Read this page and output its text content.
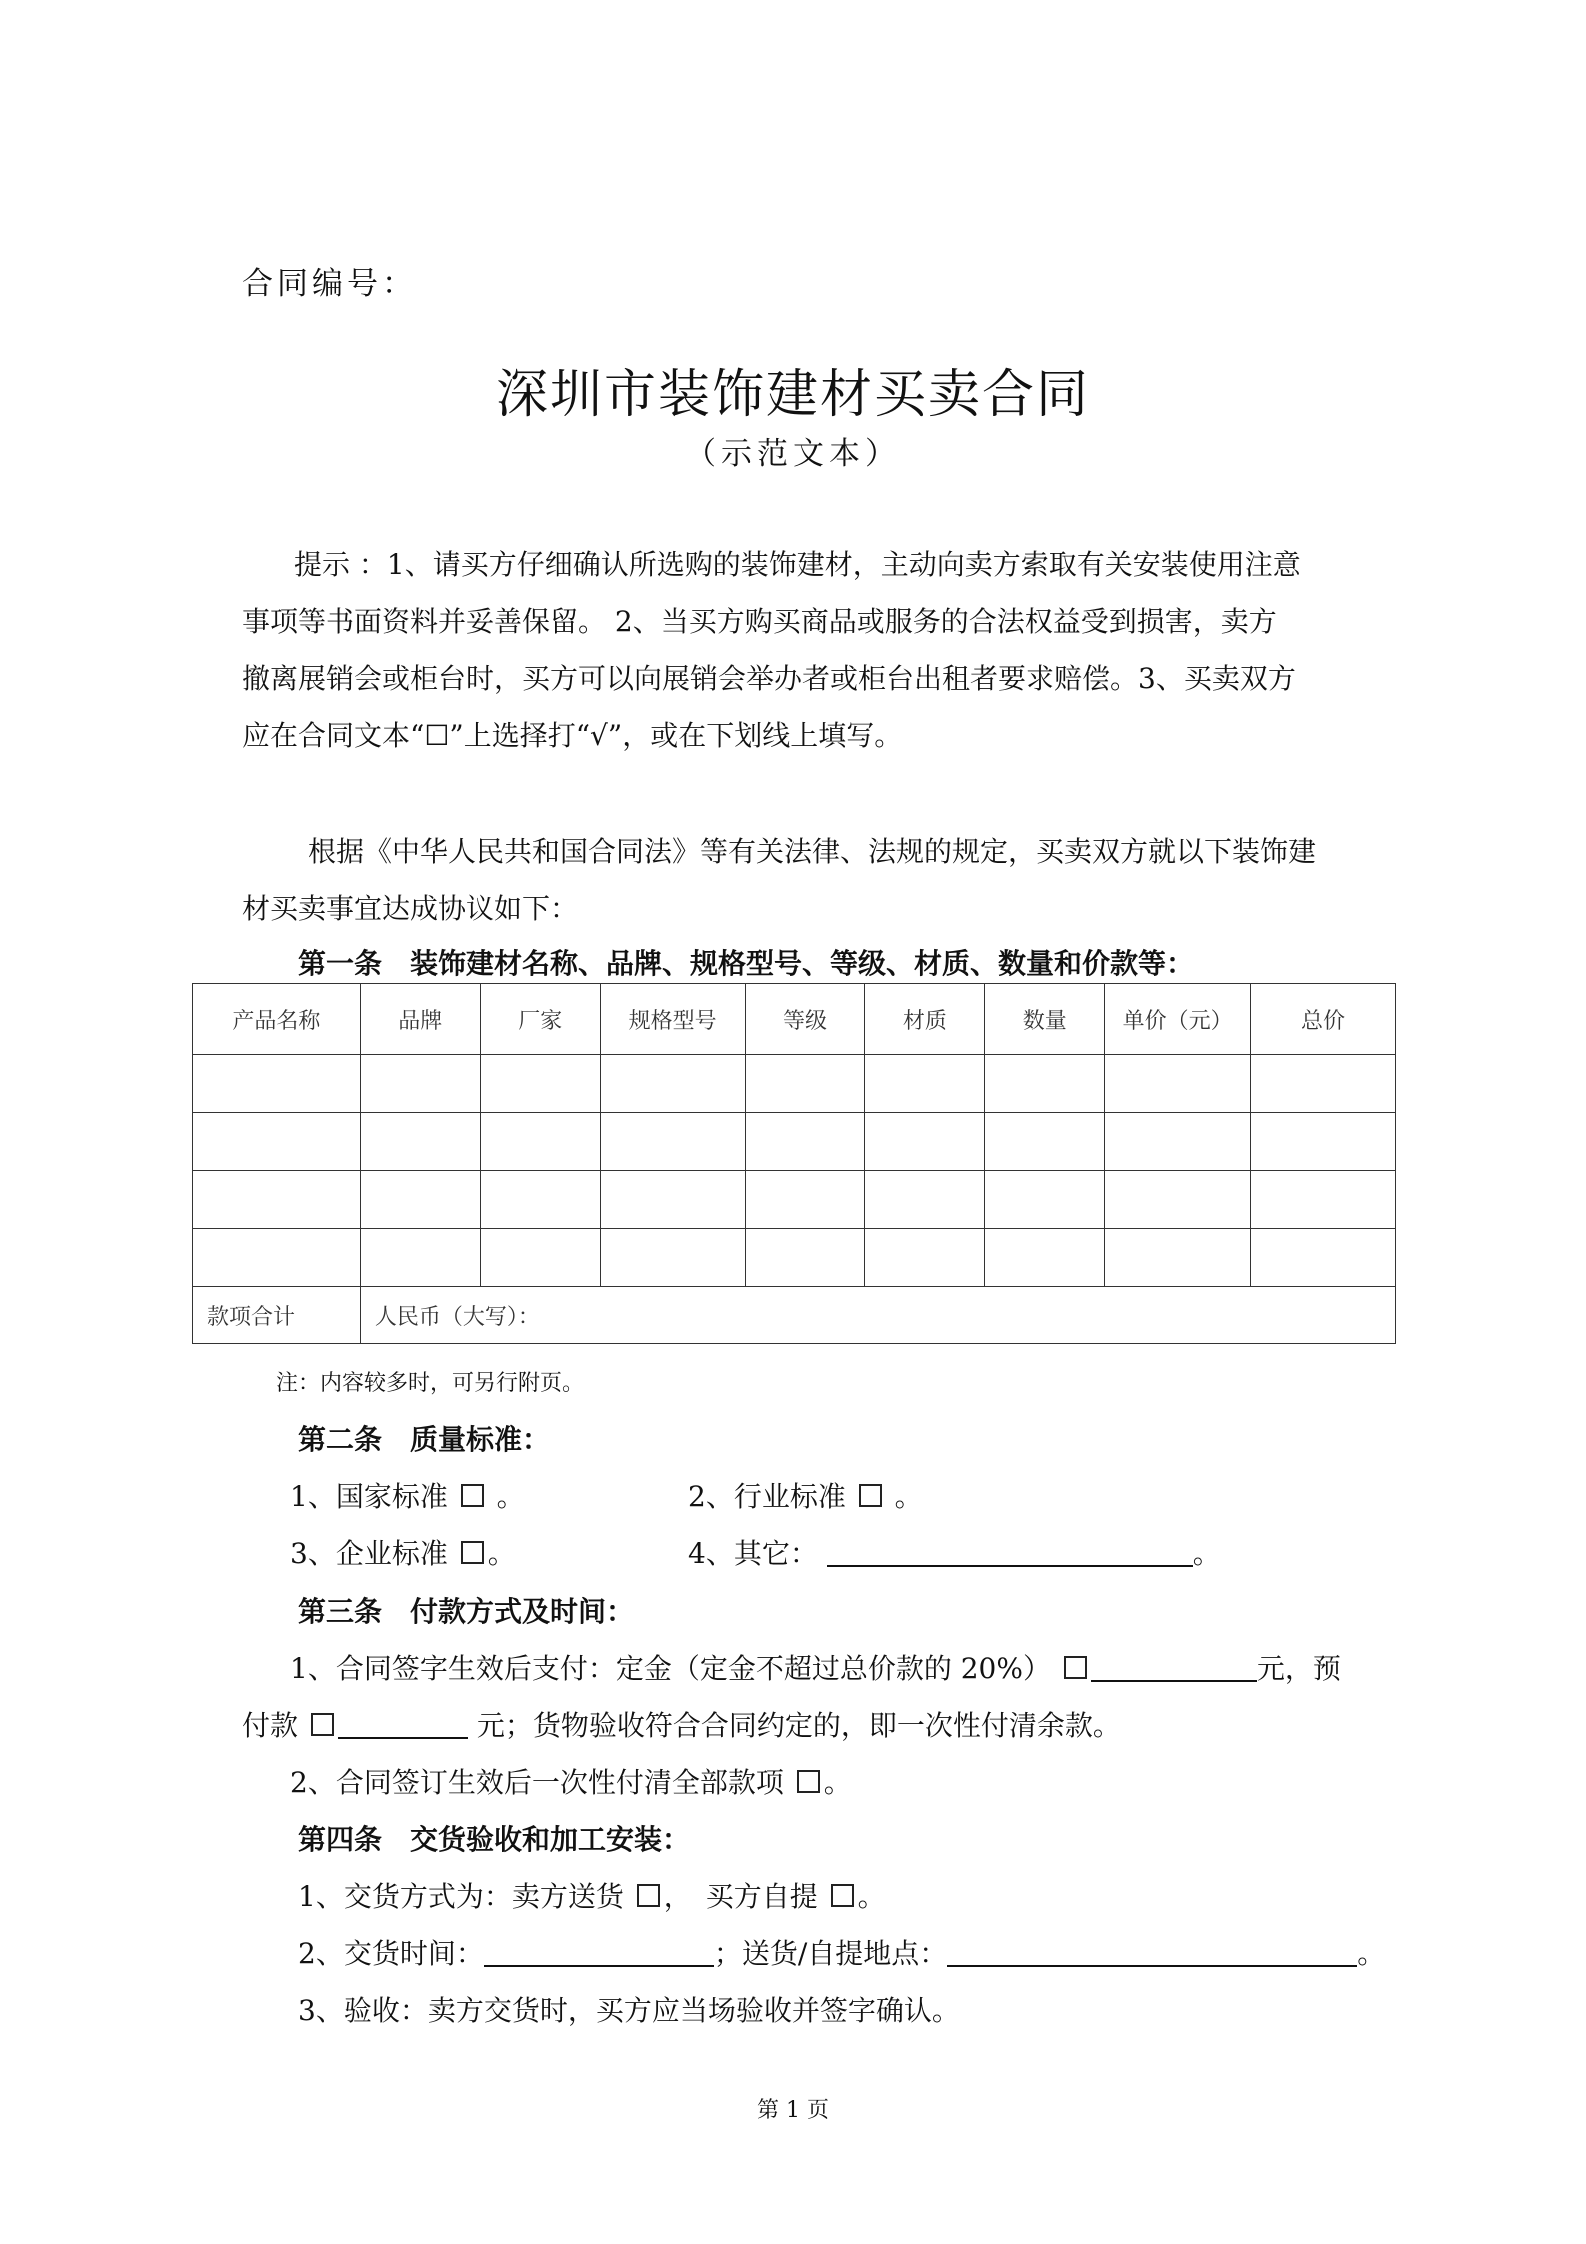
合同编号：
深圳市装饰建材买卖合同
（示范文本）
提示 ：1、请买方仔细确认所选购的装饰建材，主动向卖方索取有关安装使用注意
事项等书面资料并妥善保留。 2、当买方购买商品或服务的合法权益受到损害，卖方
撤离展销会或柜台时，买方可以向展销会举办者或柜台出租者要求赔偿。3、买卖双方
应在合同文本“☐”上选择打“√”，或在下划线上填写。
根据《中华人民共和国合同法》等有关法律、法规的规定，买卖双方就以下装饰建
材买卖事宜达成协议如下：
第一条　装饰建材名称、品牌、规格型号、等级、材质、数量和价款等：
产品名称	品牌	厂家	规格型号	等级	材质	数量	单价（元）	总价

款项合计	人民币（大写）：							
注：内容较多时，可另行附页。
第二条　质量标准：
1、国家标准 。	2、行业标准 。
3、企业标准 。	4、其它：	。
第三条　付款方式及时间：
1、合同签字生效后支付：定金（定金不超过总价款的 20%）	元，预
付款	元；货物验收符合合同约定的，即一次性付清余款。
2、合同签订生效后一次性付清全部款项 。
第四条　交货验收和加工安装：
1、交货方式为：卖方送货 ，　买方自提 。
2、交货时间：	；送货/自提地点：	。
3、验收：卖方交货时，买方应当场验收并签字确认。
第 1 页
